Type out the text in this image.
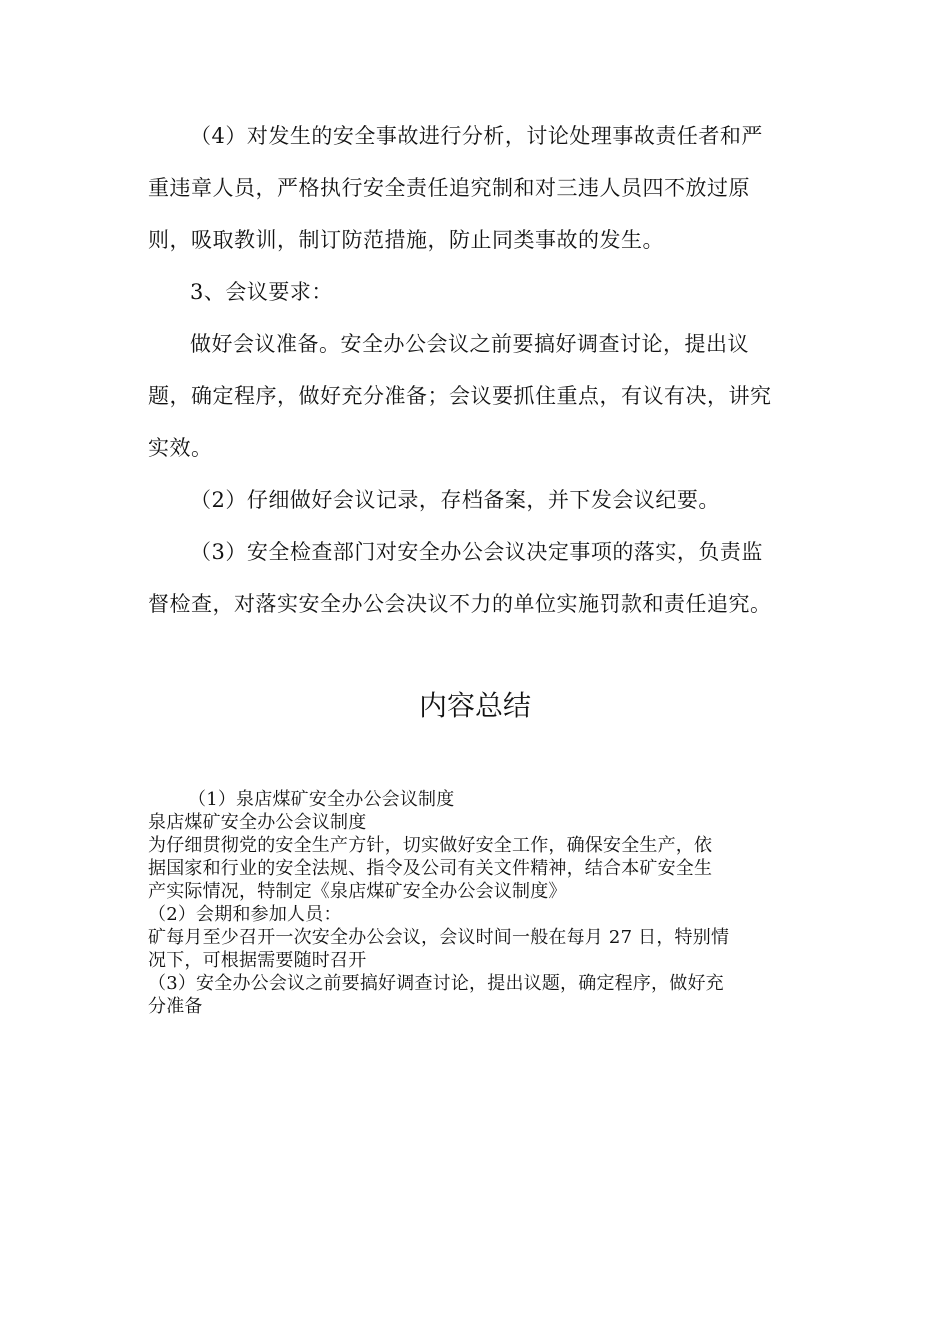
（4）对发生的安全事故进行分析，讨论处理事故责任者和严
重违章人员，严格执行安全责任追究制和对三违人员四不放过原
则，吸取教训，制订防范措施，防止同类事故的发生。
3、会议要求：
做好会议准备。安全办公会议之前要搞好调查讨论，提出议
题，确定程序，做好充分准备；会议要抓住重点，有议有决，讲究
实效。
（2）仔细做好会议记录，存档备案，并下发会议纪要。
（3）安全检查部门对安全办公会议决定事项的落实，负责监
督检查，对落实安全办公会决议不力的单位实施罚款和责任追究。
内容总结
（1）泉店煤矿安全办公会议制度
泉店煤矿安全办公会议制度
为仔细贯彻党的安全生产方针，切实做好安全工作，确保安全生产，依
据国家和行业的安全法规、指令及公司有关文件精神，结合本矿安全生
产实际情况，特制定《泉店煤矿安全办公会议制度》
（2）会期和参加人员：
矿每月至少召开一次安全办公会议，会议时间一般在每月 27 日，特别情
况下，可根据需要随时召开
（3）安全办公会议之前要搞好调查讨论，提出议题，确定程序，做好充
分准备
